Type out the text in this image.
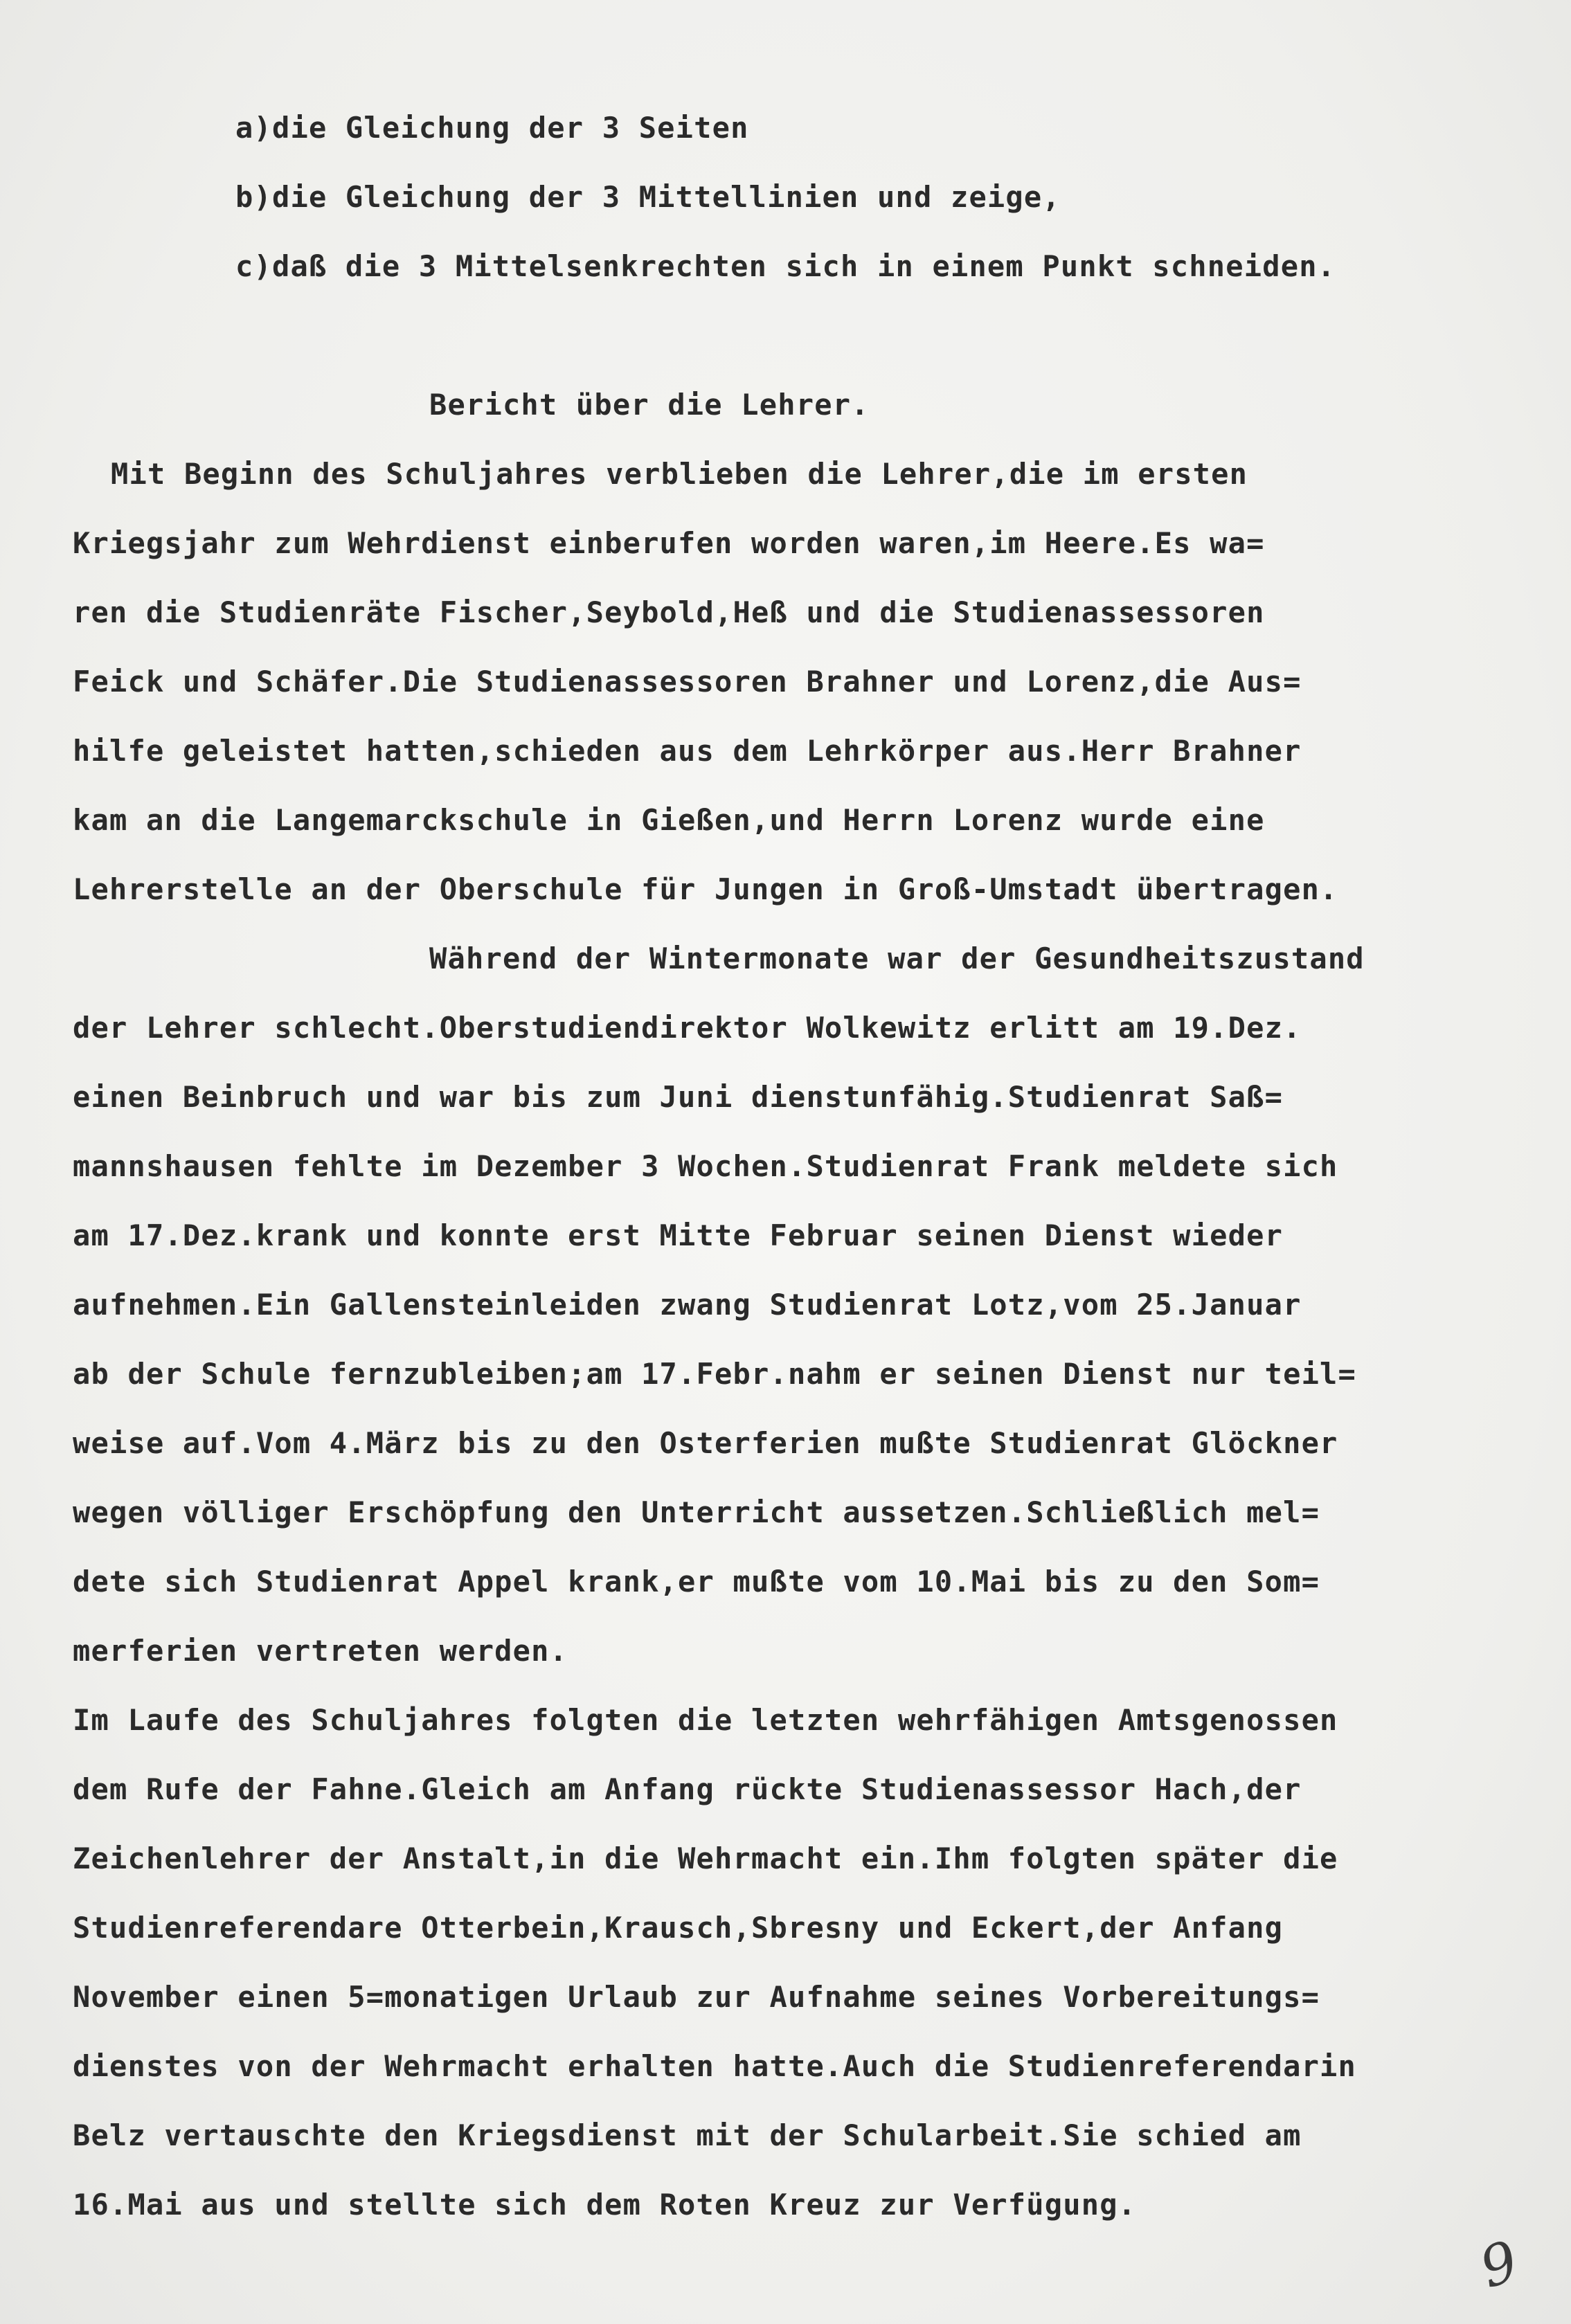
a)die Gleichung der 3 Seiten
b)die Gleichung der 3 Mittellinien und zeige,
c)daß die 3 Mittelsenkrechten sich in einem Punkt schneiden.
Bericht über die Lehrer.
Mit Beginn des Schuljahres verblieben die Lehrer,die im ersten
Kriegsjahr zum Wehrdienst einberufen worden waren,im Heere.Es wa=
ren die Studienräte Fischer,Seybold,Heß und die Studienassessoren
Feick und Schäfer.Die Studienassessoren Brahner und Lorenz,die Aus=
hilfe geleistet hatten,schieden aus dem Lehrkörper aus.Herr Brahner
kam an die Langemarckschule in Gießen,und Herrn Lorenz wurde eine
Lehrerstelle an der Oberschule für Jungen in Groß-Umstadt übertragen.
Während der Wintermonate war der Gesundheitszustand
der Lehrer schlecht.Oberstudiendirektor Wolkewitz erlitt am 19.Dez.
einen Beinbruch und war bis zum Juni dienstunfähig.Studienrat Saß=
mannshausen fehlte im Dezember 3 Wochen.Studienrat Frank meldete sich
am 17.Dez.krank und konnte erst Mitte Februar seinen Dienst wieder
aufnehmen.Ein Gallensteinleiden zwang Studienrat Lotz,vom 25.Januar
ab der Schule fernzubleiben;am 17.Febr.nahm er seinen Dienst nur teil=
weise auf.Vom 4.März bis zu den Osterferien mußte Studienrat Glöckner
wegen völliger Erschöpfung den Unterricht aussetzen.Schließlich mel=
dete sich Studienrat Appel krank,er mußte vom 10.Mai bis zu den Som=
merferien vertreten werden.
Im Laufe des Schuljahres folgten die letzten wehrfähigen Amtsgenossen
dem Rufe der Fahne.Gleich am Anfang rückte Studienassessor Hach,der
Zeichenlehrer der Anstalt,in die Wehrmacht ein.Ihm folgten später die
Studienreferendare Otterbein,Krausch,Sbresny und Eckert,der Anfang
November einen 5=monatigen Urlaub zur Aufnahme seines Vorbereitungs=
dienstes von der Wehrmacht erhalten hatte.Auch die Studienreferendarin
Belz vertauschte den Kriegsdienst mit der Schularbeit.Sie schied am
16.Mai aus und stellte sich dem Roten Kreuz zur Verfügung.
9
